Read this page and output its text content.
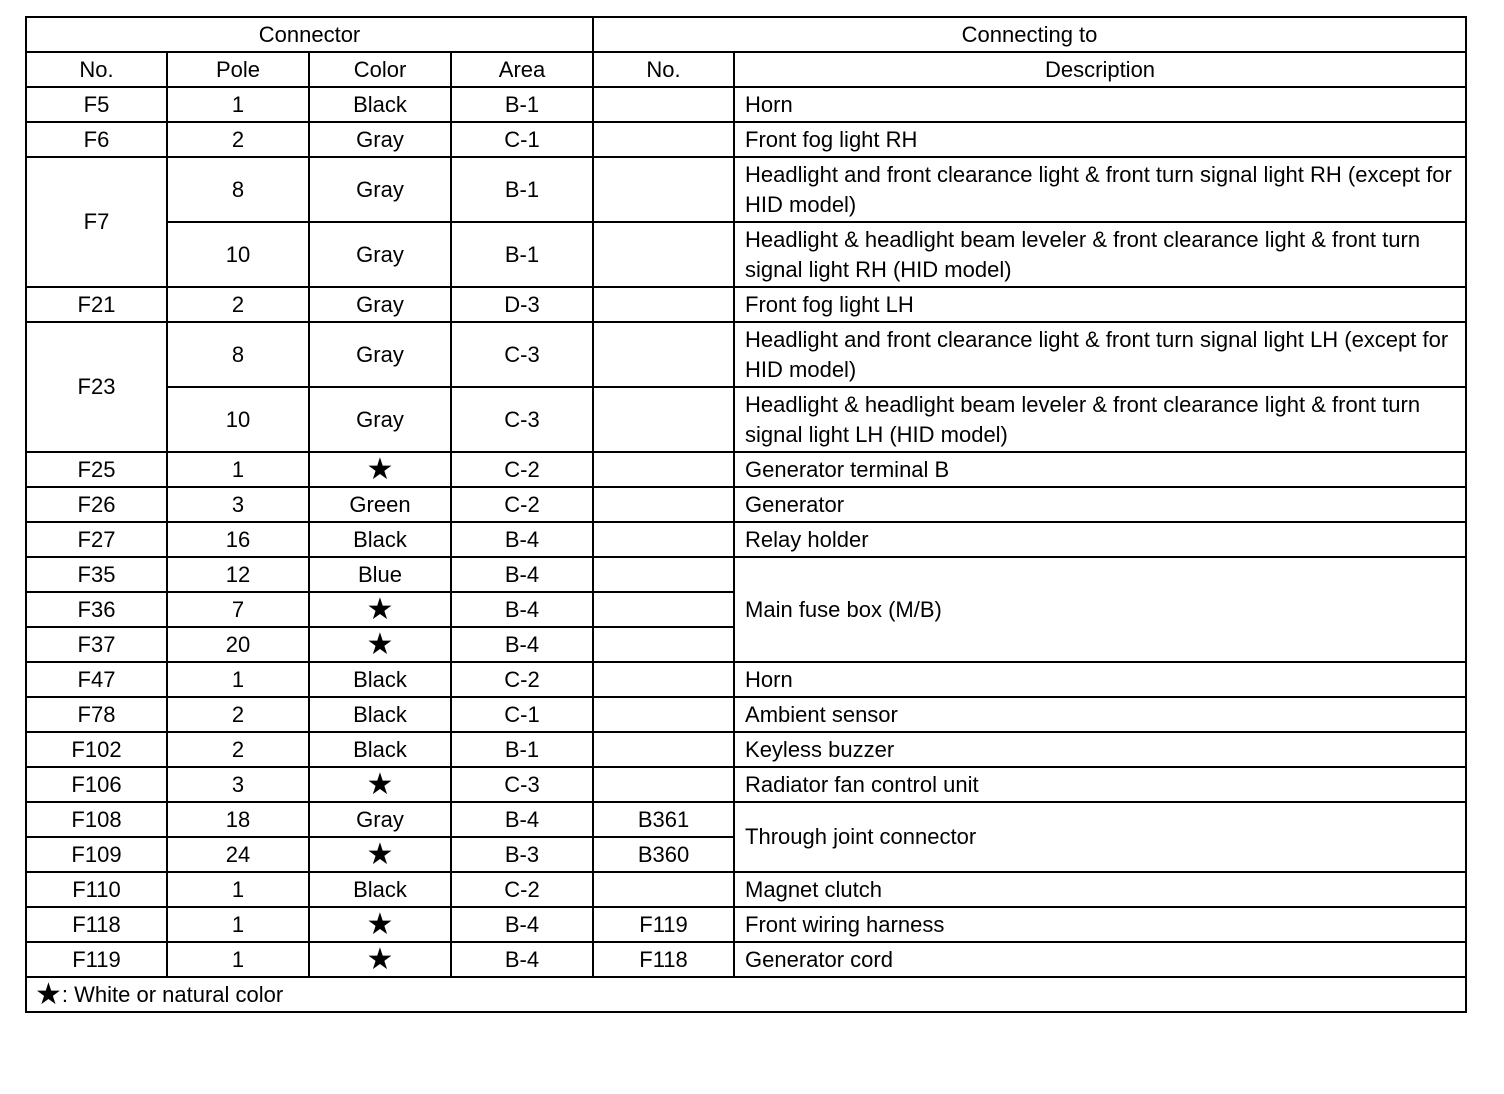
Connector				Connecting to	
No.	Pole	Color	Area	No.	Description
F5	1	Black	B-1		Horn
F6	2	Gray	C-1		Front fog light RH
F7	8	Gray	B-1		Headlight and front clearance light & front turn signal light RH (except for HID model)
	10	Gray	B-1		Headlight & headlight beam leveler & front clearance light & front turn signal light RH (HID model)
F21	2	Gray	D-3		Front fog light LH
F23	8	Gray	C-3		Headlight and front clearance light & front turn signal light LH (except for HID model)
	10	Gray	C-3		Headlight & headlight beam leveler & front clearance light & front turn signal light LH (HID model)
F25	1	★	C-2		Generator terminal B
F26	3	Green	C-2		Generator
F27	16	Black	B-4		Relay holder
F35	12	Blue	B-4		Main fuse box (M/B)
F36	7	★	B-4		
F37	20	★	B-4		
F47	1	Black	C-2		Horn
F78	2	Black	C-1		Ambient sensor
F102	2	Black	B-1		Keyless buzzer
F106	3	★	C-3		Radiator fan control unit
F108	18	Gray	B-4	B361	Through joint connector
F109	24	★	B-3	B360	
F110	1	Black	C-2		Magnet clutch
F118	1	★	B-4	F119	Front wiring harness
F119	1	★	B-4	F118	Generator cord
★: White or natural color					
